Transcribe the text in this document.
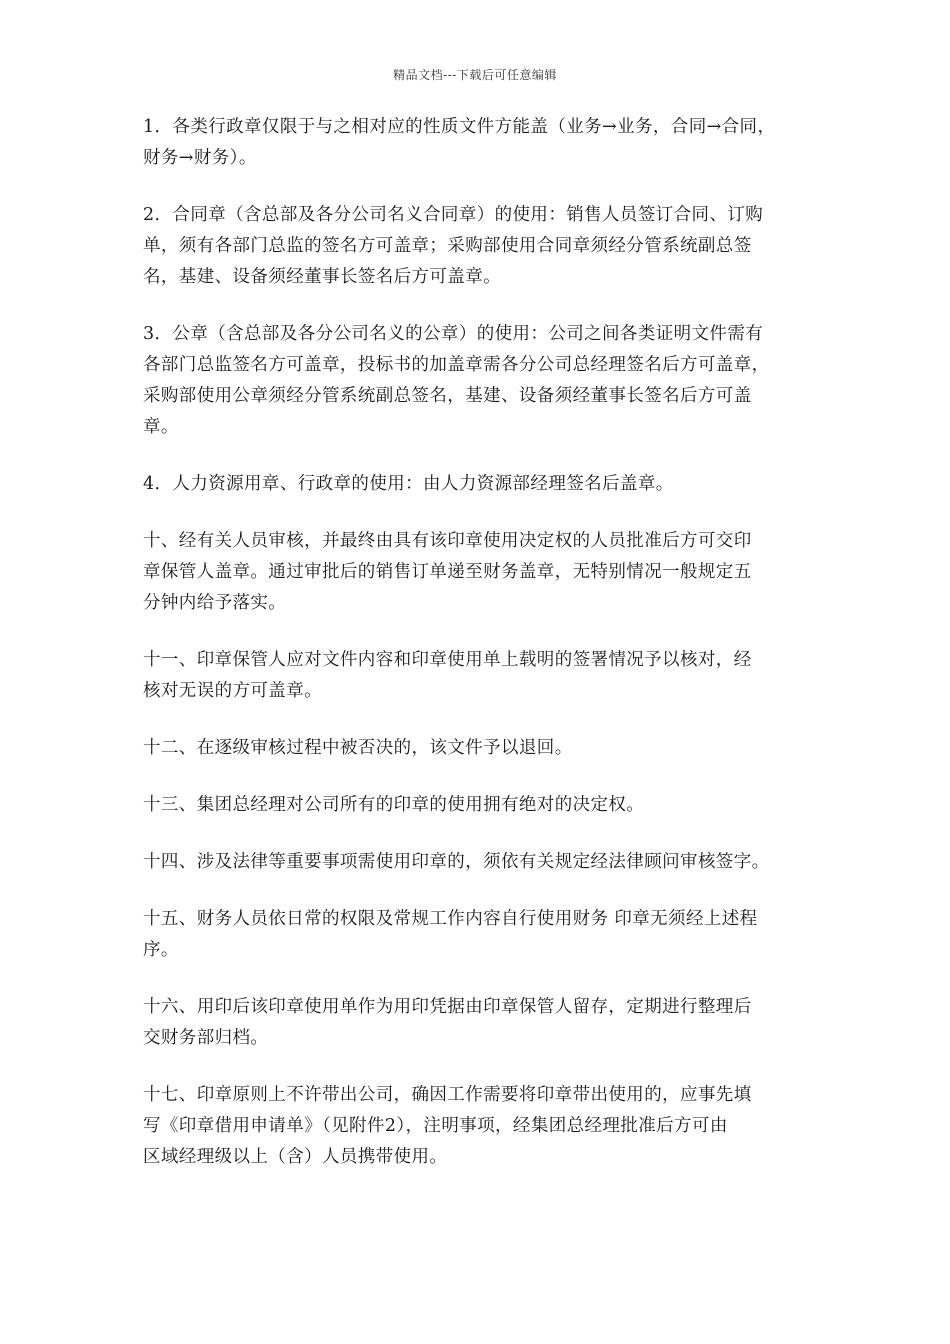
精品文档---下载后可任意编辑

1．各类行政章仅限于与之相对应的性质文件方能盖（业务→业务，合同→合同，
财务→财务）。

2．合同章（含总部及各分公司名义合同章）的使用：销售人员签订合同、订购
单，须有各部门总监的签名方可盖章；采购部使用合同章须经分管系统副总签
名，基建、设备须经董事长签名后方可盖章。

3．公章（含总部及各分公司名义的公章）的使用：公司之间各类证明文件需有
各部门总监签名方可盖章，投标书的加盖章需各分公司总经理签名后方可盖章，
采购部使用公章须经分管系统副总签名，基建、设备须经董事长签名后方可盖
章。

4．人力资源用章、行政章的使用：由人力资源部经理签名后盖章。

十、经有关人员审核，并最终由具有该印章使用决定权的人员批准后方可交印
章保管人盖章。通过审批后的销售订单递至财务盖章，无特别情况一般规定五
分钟内给予落实。

十一、印章保管人应对文件内容和印章使用单上载明的签署情况予以核对，经
核对无误的方可盖章。

十二、在逐级审核过程中被否决的，该文件予以退回。

十三、集团总经理对公司所有的印章的使用拥有绝对的决定权。

十四、涉及法律等重要事项需使用印章的，须依有关规定经法律顾问审核签字。

十五、财务人员依日常的权限及常规工作内容自行使用财务 印章无须经上述程
序。

十六、用印后该印章使用单作为用印凭据由印章保管人留存，定期进行整理后
交财务部归档。

十七、印章原则上不许带出公司，确因工作需要将印章带出使用的，应事先填
写《印章借用申请单》（见附件2），注明事项，经集团总经理批准后方可由
区域经理级以上（含）人员携带使用。
